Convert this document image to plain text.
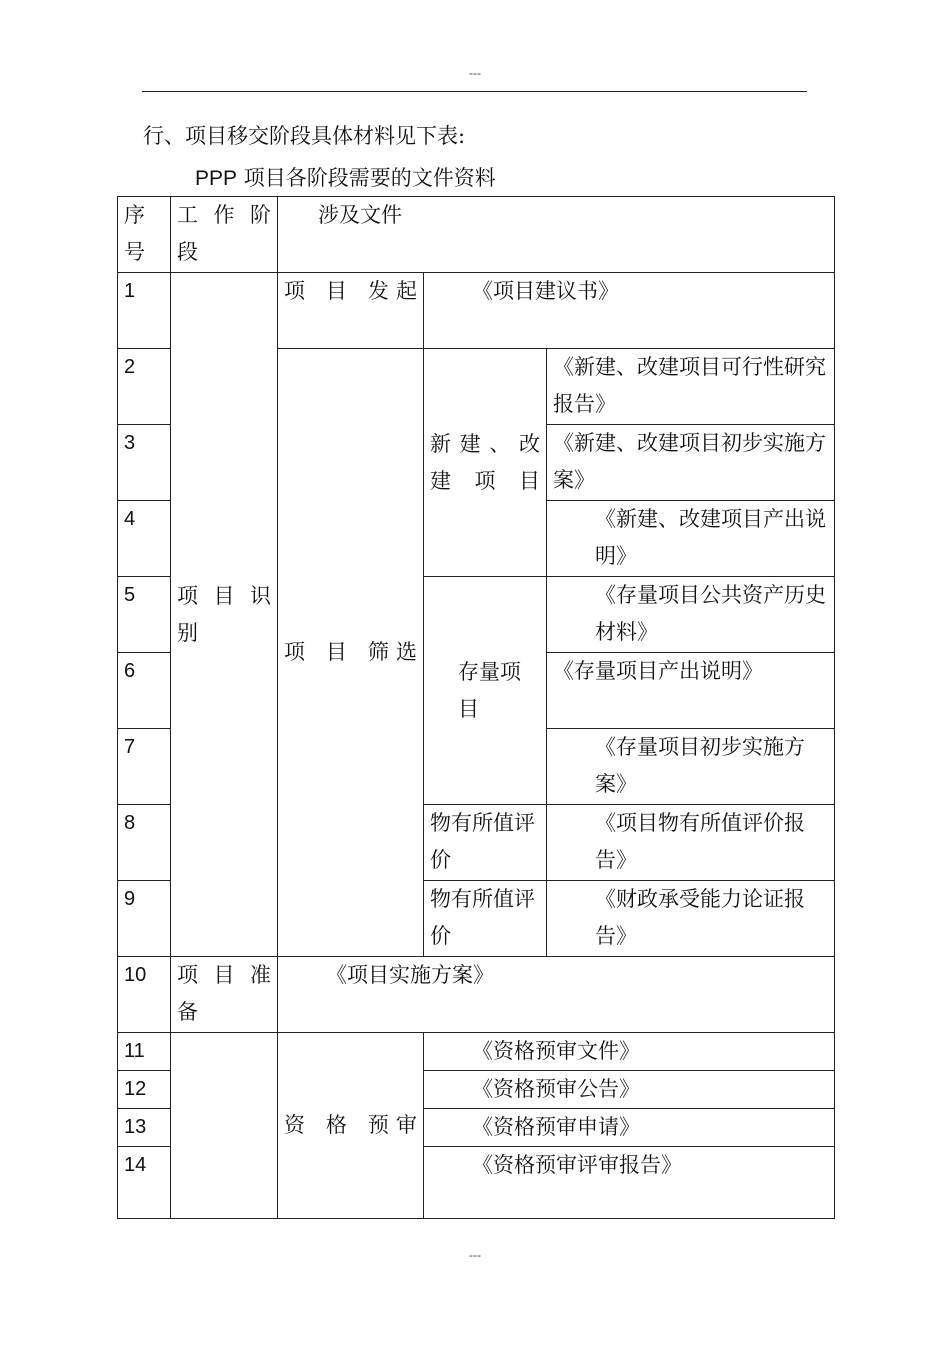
---
行、项目移交阶段具体材料见下表:
PPP 项目各阶段需要的文件资料
序号	工 作 阶段	涉及文件		
1	项 目 识别	项 目 发起	《项目建议书》	
2		项 目 筛选	新建、改 建项目	《新建、改建项目可行性研究报告》
3				《新建、改建项目初步实施方案》
4				《新建、改建项目产出说明》
5			存量项目	《存量项目公共资产历史材料》
6				《存量项目产出说明》
7				《存量项目初步实施方案》
8			物有所值评价	《项目物有所值评价报告》
9			物有所值评价	《财政承受能力论证报告》
10	项 目 准备	《项目实施方案》		
11		资 格 预审	《资格预审文件》	
12			《资格预审公告》	
13			《资格预审申请》	
14			《资格预审评审报告》	
---
